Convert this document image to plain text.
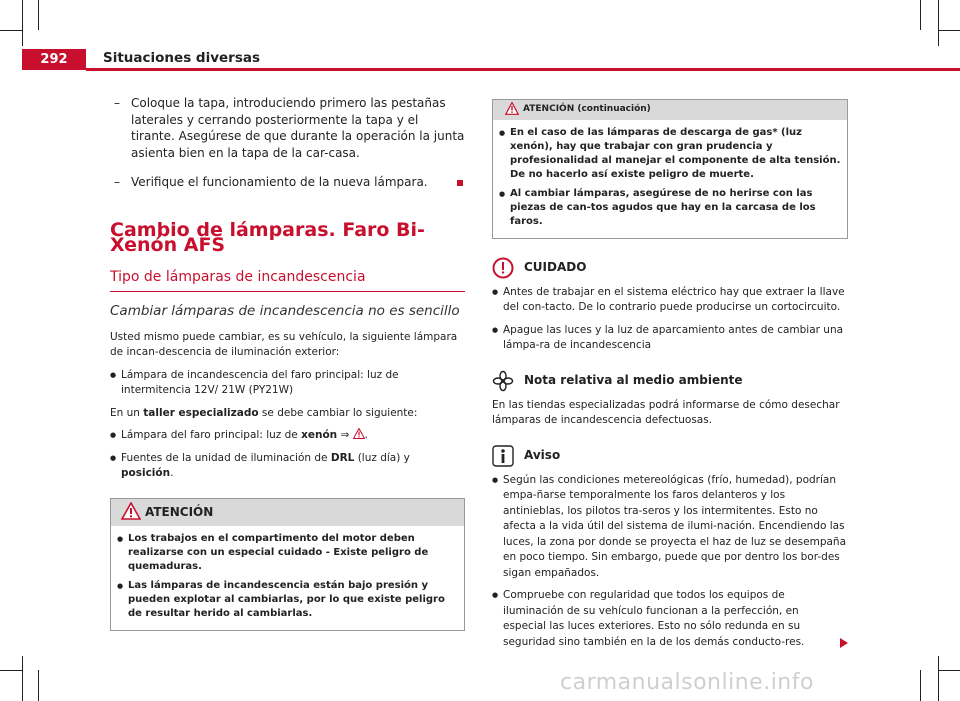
292	Situaciones diversas
– Coloque la tapa, introduciendo primero las pestañas laterales y cerrando posteriormente la tapa y el tirante. Asegúrese de que durante la operación la junta asienta bien en la tapa de la car-casa.
– Verifique el funcionamiento de la nueva lámpara.
Cambio de lámparas. Faro Bi-Xenón AFS
Tipo de lámparas de incandescencia
Cambiar lámparas de incandescencia no es sencillo

Usted mismo puede cambiar, es su vehículo, la siguiente lámpara de incan-descencia de iluminación exterior:

● Lámpara de incandescencia del faro principal: luz de intermitencia 12V/ 21W (PY21W)

En un taller especializado se debe cambiar lo siguiente:

● Lámpara del faro principal: luz de xenón ⇒ .
● Fuentes de la unidad de iluminación de DRL (luz día) y posición.
ATENCIÓN
● Los trabajos en el compartimento del motor deben realizarse con un especial cuidado - Existe peligro de quemaduras.
● Las lámparas de incandescencia están bajo presión y pueden explotar al cambiarlas, por lo que existe peligro de resultar herido al cambiarlas.
ATENCIÓN (continuación)
● En el caso de las lámparas de descarga de gas* (luz xenón), hay que trabajar con gran prudencia y profesionalidad al manejar el componente de alta tensión. De no hacerlo así existe peligro de muerte.
● Al cambiar lámparas, asegúrese de no herirse con las piezas de can-tos agudos que hay en la carcasa de los faros.
CUIDADO
● Antes de trabajar en el sistema eléctrico hay que extraer la llave del con-tacto. De lo contrario puede producirse un cortocircuito.
● Apague las luces y la luz de aparcamiento antes de cambiar una lámpa-ra de incandescencia
Nota relativa al medio ambiente

En las tiendas especializadas podrá informarse de cómo desechar lámparas de incandescencia defectuosas.

Aviso
● Según las condiciones metereológicas (frío, humedad), podrían empa-ñarse temporalmente los faros delanteros y los antinieblas, los pilotos tra-seros y los intermitentes. Esto no afecta a la vida útil del sistema de ilumi-nación. Encendiendo las luces, la zona por donde se proyecta el haz de luz se desempaña en poco tiempo. Sin embargo, puede que por dentro los bor-des sigan empañados.
● Compruebe con regularidad que todos los equipos de iluminación de su vehículo funcionan a la perfección, en especial las luces exteriores. Esto no sólo redunda en su seguridad sino también en la de los demás conducto-res.
carmanualsonline.info
